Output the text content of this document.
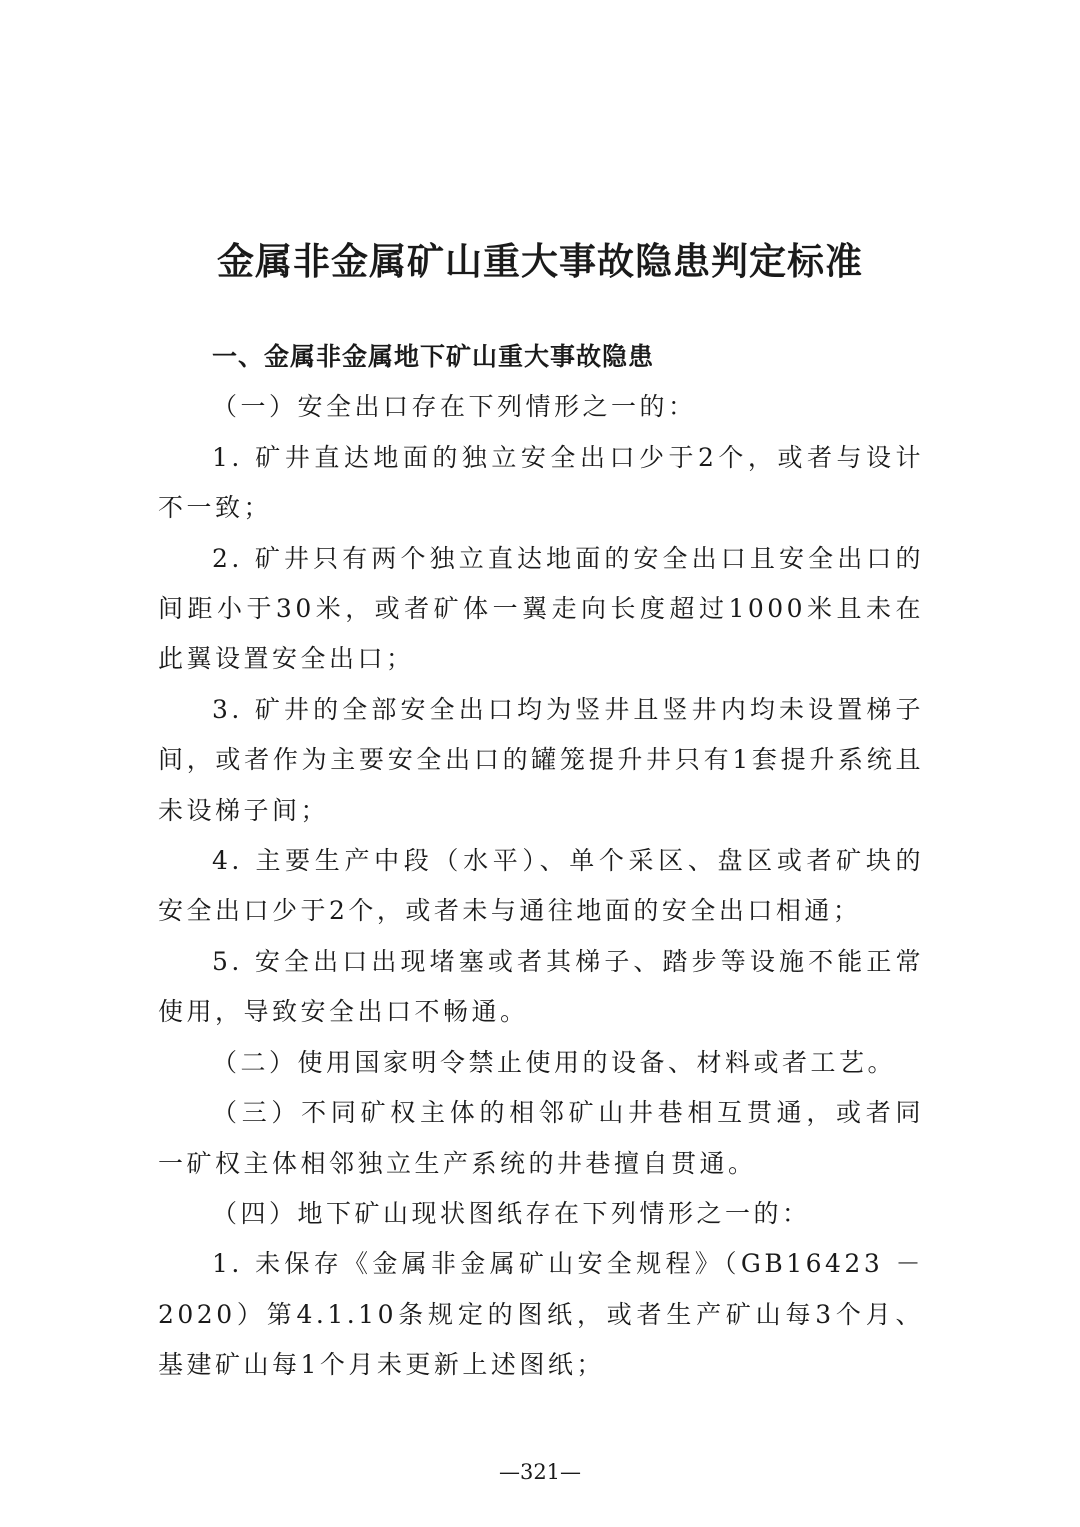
金属非金属矿山重大事故隐患判定标准

一、金属非金属地下矿山重大事故隐患

（一）安全出口存在下列情形之一的：

1. 矿井直达地面的独立安全出口少于2个，或者与设计不一致；

2. 矿井只有两个独立直达地面的安全出口且安全出口的间距小于30米，或者矿体一翼走向长度超过1000米且未在此翼设置安全出口；

3. 矿井的全部安全出口均为竖井且竖井内均未设置梯子间，或者作为主要安全出口的罐笼提升井只有1套提升系统且未设梯子间；

4. 主要生产中段（水平）、单个采区、盘区或者矿块的安全出口少于2个，或者未与通往地面的安全出口相通；

5. 安全出口出现堵塞或者其梯子、踏步等设施不能正常使用，导致安全出口不畅通。

（二）使用国家明令禁止使用的设备、材料或者工艺。

（三）不同矿权主体的相邻矿山井巷相互贯通，或者同一矿权主体相邻独立生产系统的井巷擅自贯通。

（四）地下矿山现状图纸存在下列情形之一的：

1. 未保存《金属非金属矿山安全规程》（GB16423 －2020）第4.1.10条规定的图纸，或者生产矿山每3个月、基建矿山每1个月未更新上述图纸；

—321—
